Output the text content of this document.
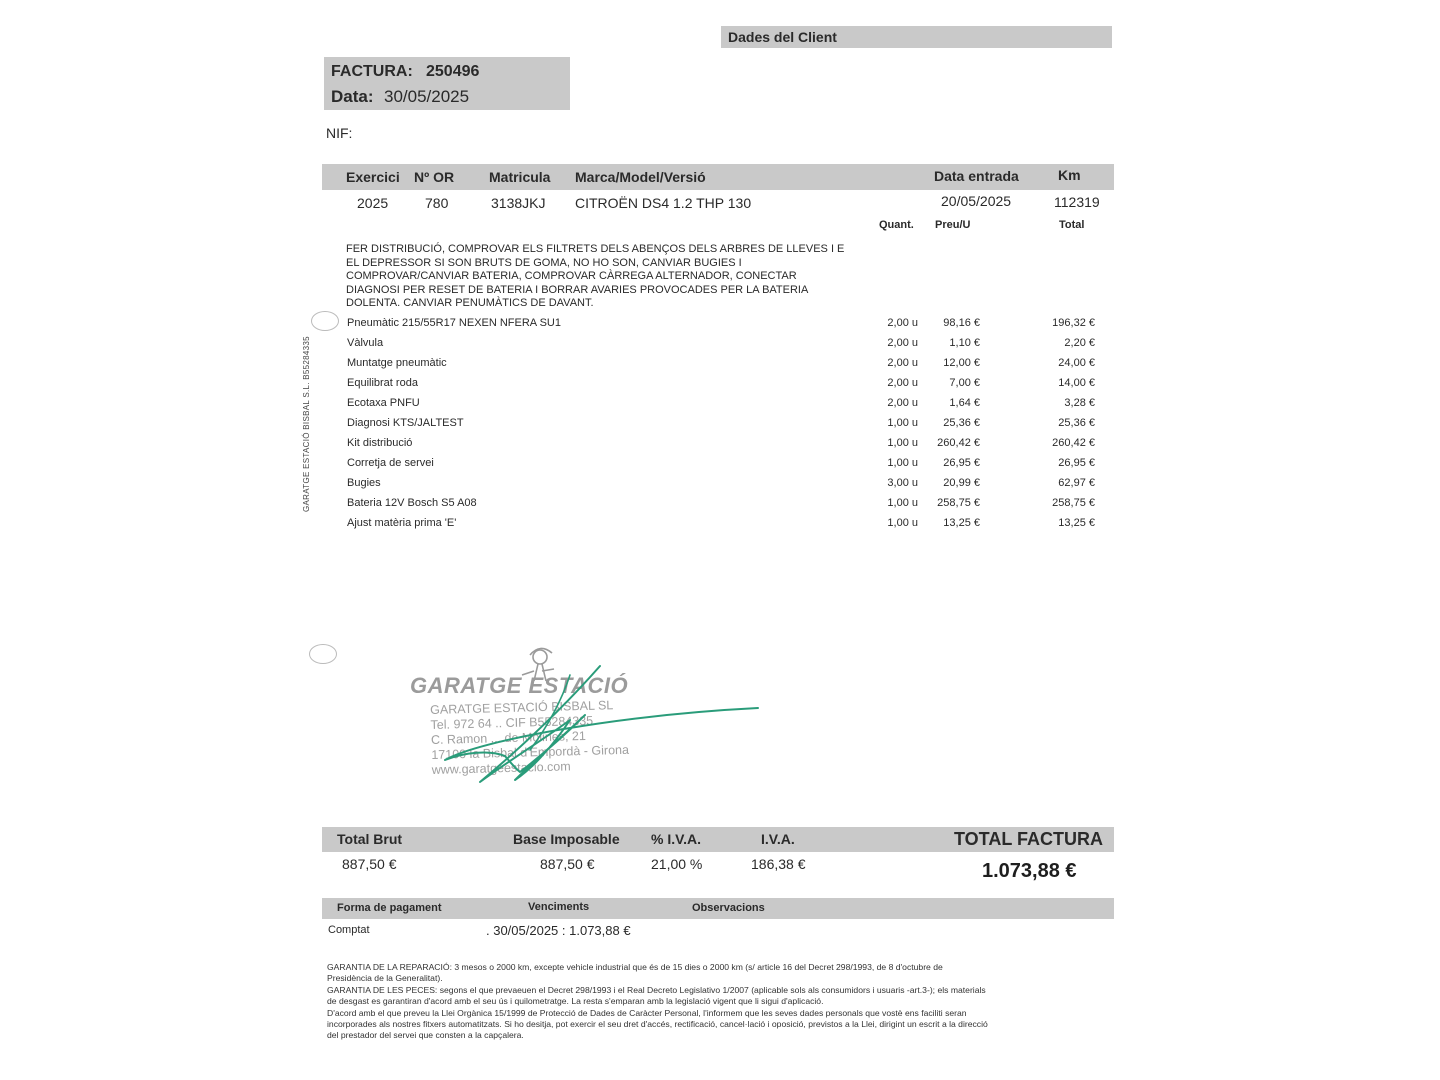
Dades del Client
FACTURA: 250496
Data: 30/05/2025
NIF:
Exercici Nº OR Matricula Marca/Model/Versió	Data entrada	Km
2025	780	3138JKJ CITROËN DS4 1.2 THP 130	20/05/2025	112319
Quant. Preu/U	Total
FER DISTRIBUCIÓ, COMPROVAR ELS FILTRETS DELS ABENÇOS DELS ARBRES DE LLEVES I E
EL DEPRESSOR SI SON BRUTS DE GOMA, NO HO SON, CANVIAR BUGIES I
COMPROVAR/CANVIAR BATERIA, COMPROVAR CÀRREGA ALTERNADOR, CONECTAR
DIAGNOSI PER RESET DE BATERIA I BORRAR AVARIES PROVOCADES PER LA BATERIA
DOLENTA. CANVIAR PENUMÀTICS DE DAVANT.
Pneumàtic 215/55R17 NEXEN NFERA SU1	2,00 u	98,16 €	196,32 €
Vàlvula	2,00 u	1,10 €	2,20 €
Muntatge pneumàtic	2,00 u	12,00 €	24,00 €
Equilibrat roda	2,00 u	7,00 €	14,00 €
Ecotaxa PNFU	2,00 u	1,64 €	3,28 €
Diagnosi KTS/JALTEST	1,00 u	25,36 €	25,36 €
Kit distribució	1,00 u	260,42 €	260,42 €
Corretja de servei	1,00 u	26,95 €	26,95 €
Bugies	3,00 u	20,99 €	62,97 €
Bateria 12V Bosch S5 A08	1,00 u	258,75 €	258,75 €
Ajust matèria prima 'E'	1,00 u	13,25 €	13,25 €
GARATGE ESTACIÓ BISBAL S.L. B55284335
GARATGE ESTACIÓ
GARATGE ESTACIÓ BISBAL SL
Tel. 972 64 .. CIF B55284335
C. Ramon ... de Molines, 21
17100 la Bisbal d'Empordà - Girona
www.garatgeestacio.com
Total Brut	Base Imposable % I.V.A.	I.V.A.	TOTAL FACTURA
887,50 €	887,50 €	21,00 %	186,38 €	1.073,88 €
Forma de pagament	Venciments	Observacions
Comptat	. 30/05/2025 : 1.073,88 €

GARANTIA DE LA REPARACIÓ: 3 mesos o 2000 km, excepte vehicle industrial que és de 15 dies o 2000 km (s/ article 16 del Decret 298/1993, de 8 d'octubre de

Presidència de la Generalitat).

GARANTIA DE LES PECES: segons el que prevaeuen el Decret 298/1993 i el Real Decreto Legislativo 1/2007 (aplicable sols als consumidors i usuaris -art.3-); els materials

de desgast es garantiran d'acord amb el seu ús i quilometratge. La resta s'emparan amb la legislació vigent que li sigui d'aplicació.

D'acord amb el que preveu la Llei Orgànica 15/1999 de Protecció de Dades de Caràcter Personal, l'informem que les seves dades personals que vostè ens faciliti seran

incorporades als nostres fitxers automatitzats. Si ho desitja, pot exercir el seu dret d'accés, rectificació, cancel·lació i oposició, previstos a la Llei, dirigint un escrit a la direcció

del prestador del servei que consten a la capçalera.
